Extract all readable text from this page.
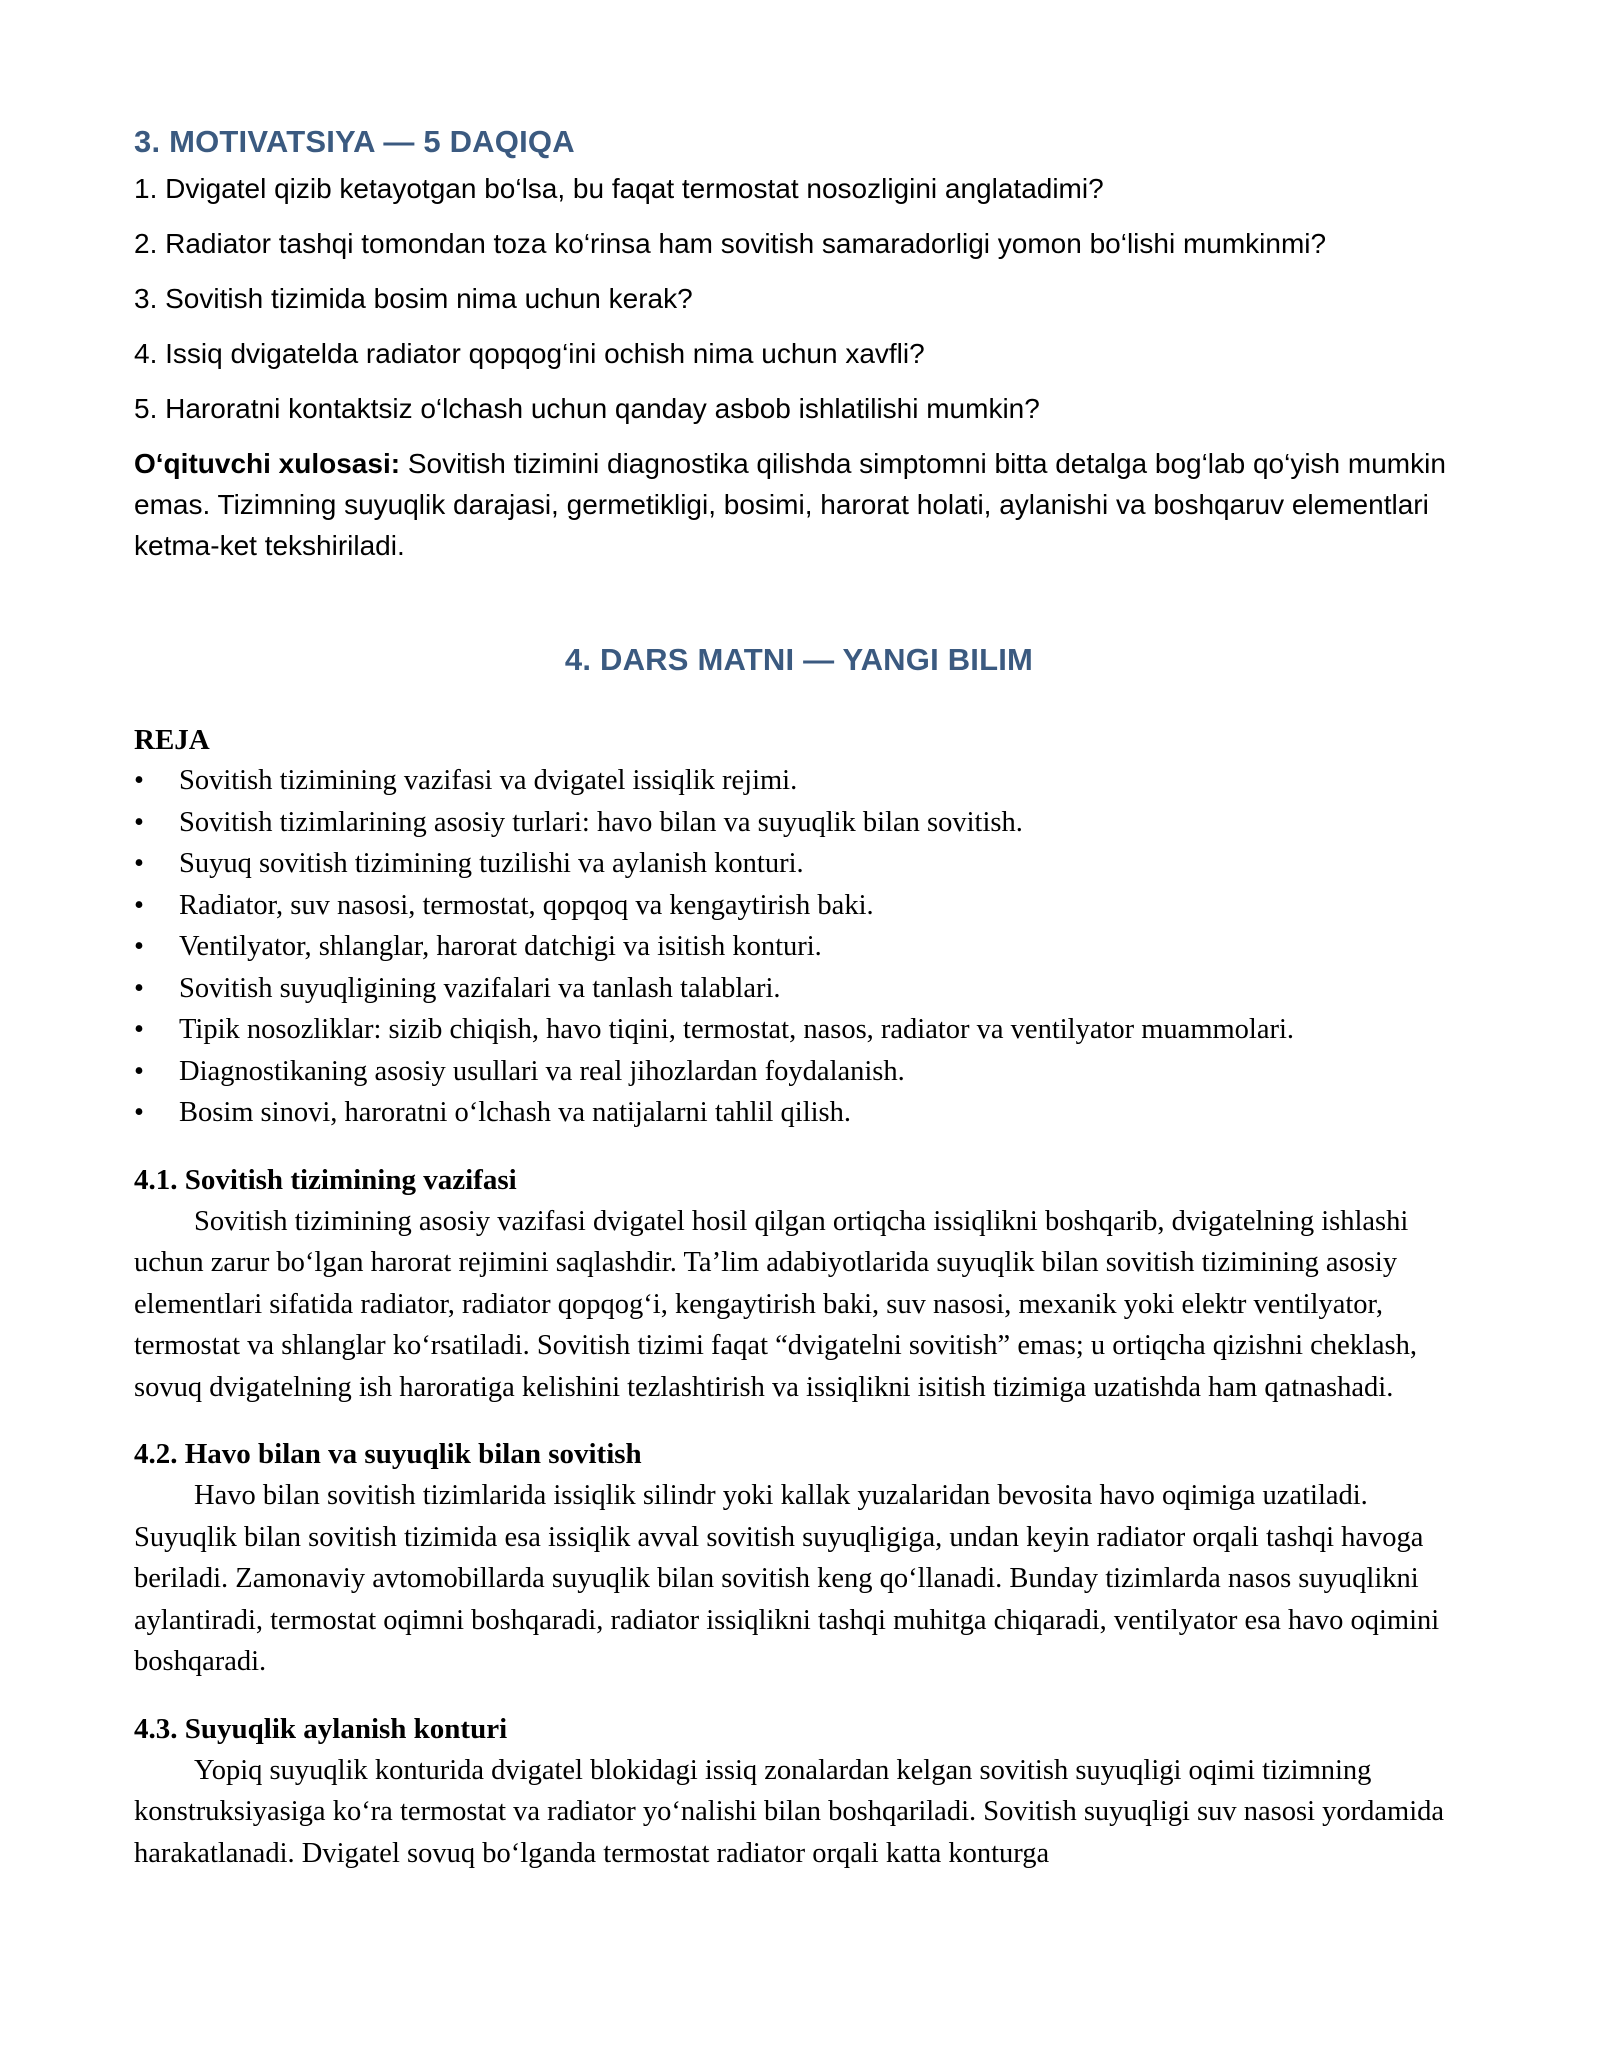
3. MOTIVATSIYA — 5 DAQIQA

1. Dvigatel qizib ketayotgan bo‘lsa, bu faqat termostat nosozligini anglatadimi?

2. Radiator tashqi tomondan toza ko‘rinsa ham sovitish samaradorligi yomon bo‘lishi mumkinmi?

3. Sovitish tizimida bosim nima uchun kerak?

4. Issiq dvigatelda radiator qopqog‘ini ochish nima uchun xavfli?

5. Haroratni kontaktsiz o‘lchash uchun qanday asbob ishlatilishi mumkin?

O‘qituvchi xulosasi: Sovitish tizimini diagnostika qilishda simptomni bitta detalga bog‘lab qo‘yish mumkin emas. Tizimning suyuqlik darajasi, germetikligi, bosimi, harorat holati, aylanishi va boshqaruv elementlari ketma-ket tekshiriladi.

4. DARS MATNI — YANGI BILIM
REJA
• Sovitish tizimining vazifasi va dvigatel issiqlik rejimi.
• Sovitish tizimlarining asosiy turlari: havo bilan va suyuqlik bilan sovitish.
• Suyuq sovitish tizimining tuzilishi va aylanish konturi.
• Radiator, suv nasosi, termostat, qopqoq va kengaytirish baki.
• Ventilyator, shlanglar, harorat datchigi va isitish konturi.
• Sovitish suyuqligining vazifalari va tanlash talablari.
• Tipik nosozliklar: sizib chiqish, havo tiqini, termostat, nasos, radiator va ventilyator muammolari.
• Diagnostikaning asosiy usullari va real jihozlardan foydalanish.
• Bosim sinovi, haroratni o‘lchash va natijalarni tahlil qilish.
4.1. Sovitish tizimining vazifasi

Sovitish tizimining asosiy vazifasi dvigatel hosil qilgan ortiqcha issiqlikni boshqarib, dvigatelning ishlashi uchun zarur bo‘lgan harorat rejimini saqlashdir. Ta’lim adabiyotlarida suyuqlik bilan sovitish tizimining asosiy elementlari sifatida radiator, radiator qopqog‘i, kengaytirish baki, suv nasosi, mexanik yoki elektr ventilyator, termostat va shlanglar ko‘rsatiladi. Sovitish tizimi faqat “dvigatelni sovitish” emas; u ortiqcha qizishni cheklash, sovuq dvigatelning ish haroratiga kelishini tezlashtirish va issiqlikni isitish tizimiga uzatishda ham qatnashadi.

4.2. Havo bilan va suyuqlik bilan sovitish

Havo bilan sovitish tizimlarida issiqlik silindr yoki kallak yuzalaridan bevosita havo oqimiga uzatiladi. Suyuqlik bilan sovitish tizimida esa issiqlik avval sovitish suyuqligiga, undan keyin radiator orqali tashqi havoga beriladi. Zamonaviy avtomobillarda suyuqlik bilan sovitish keng qo‘llanadi. Bunday tizimlarda nasos suyuqlikni aylantiradi, termostat oqimni boshqaradi, radiator issiqlikni tashqi muhitga chiqaradi, ventilyator esa havo oqimini boshqaradi.

4.3. Suyuqlik aylanish konturi

Yopiq suyuqlik konturida dvigatel blokidagi issiq zonalardan kelgan sovitish suyuqligi oqimi tizimning konstruksiyasiga ko‘ra termostat va radiator yo‘nalishi bilan boshqariladi. Sovitish suyuqligi suv nasosi yordamida harakatlanadi. Dvigatel sovuq bo‘lganda termostat radiator orqali katta konturga
